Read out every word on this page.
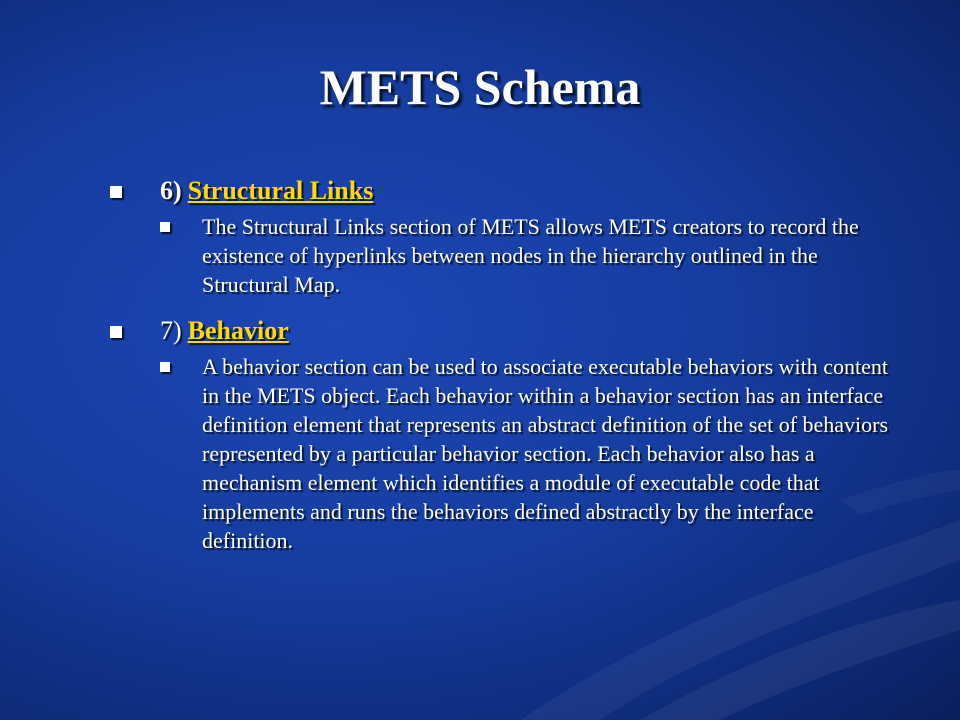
METS Schema
6) Structural Links
The Structural Links section of METS allows METS creators to record the existence of hyperlinks between nodes in the hierarchy outlined in the Structural Map.
7) Behavior
A behavior section can be used to associate executable behaviors with content in the METS object. Each behavior within a behavior section has an interface definition element that represents an abstract definition of the set of behaviors represented by a particular behavior section. Each behavior also has a mechanism element which identifies a module of executable code that implements and runs the behaviors defined abstractly by the interface definition.
